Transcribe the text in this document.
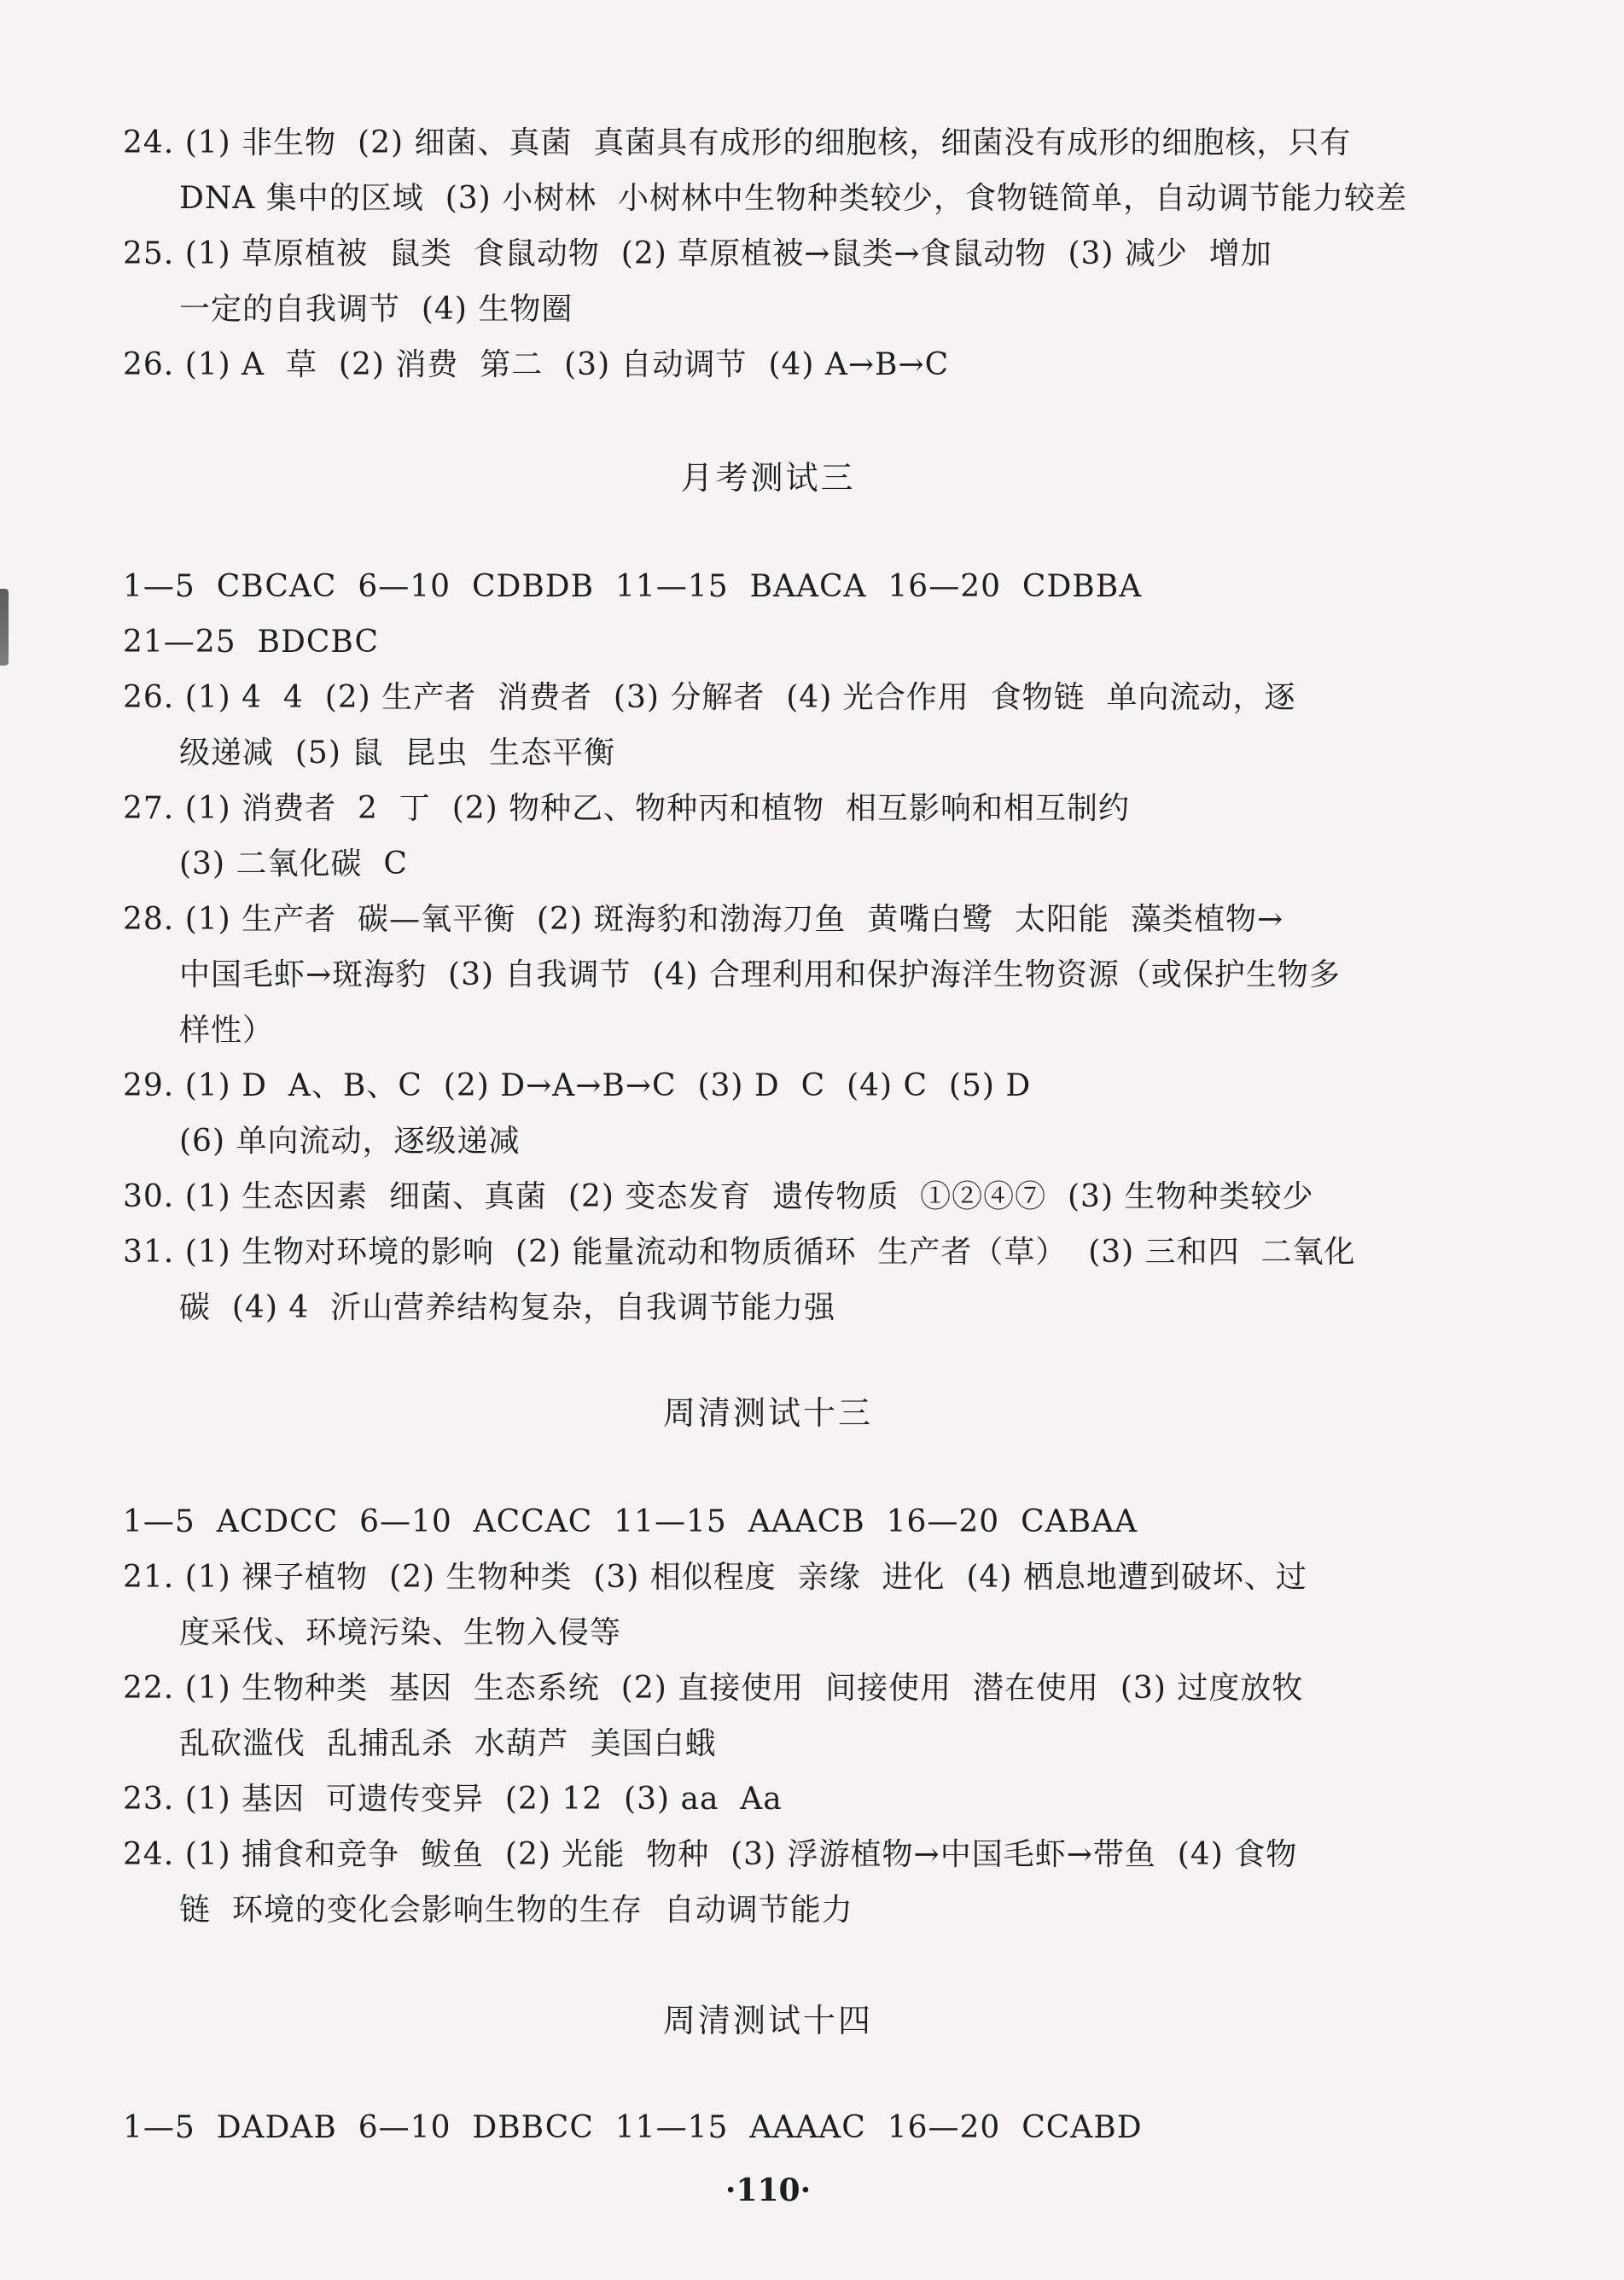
24. (1) 非生物  (2) 细菌、真菌  真菌具有成形的细胞核，细菌没有成形的细胞核，只有
DNA 集中的区域  (3) 小树林  小树林中生物种类较少，食物链简单，自动调节能力较差
25. (1) 草原植被  鼠类  食鼠动物  (2) 草原植被→鼠类→食鼠动物  (3) 减少  增加
一定的自我调节  (4) 生物圈
26. (1) A  草  (2) 消费  第二  (3) 自动调节  (4) A→B→C
月考测试三
1—5  CBCAC  6—10  CDBDB  11—15  BAACA  16—20  CDBBA
21—25  BDCBC
26. (1) 4  4  (2) 生产者  消费者  (3) 分解者  (4) 光合作用  食物链  单向流动，逐
级递减  (5) 鼠  昆虫  生态平衡
27. (1) 消费者  2  丁  (2) 物种乙、物种丙和植物  相互影响和相互制约
(3) 二氧化碳  C
28. (1) 生产者  碳—氧平衡  (2) 斑海豹和渤海刀鱼  黄嘴白鹭  太阳能  藻类植物→
中国毛虾→斑海豹  (3) 自我调节  (4) 合理利用和保护海洋生物资源（或保护生物多
样性）
29. (1) D  A、B、C  (2) D→A→B→C  (3) D  C  (4) C  (5) D
(6) 单向流动，逐级递减
30. (1) 生态因素  细菌、真菌  (2) 变态发育  遗传物质  ①②④⑦  (3) 生物种类较少
31. (1) 生物对环境的影响  (2) 能量流动和物质循环  生产者（草）  (3) 三和四  二氧化
碳  (4) 4  沂山营养结构复杂，自我调节能力强
周清测试十三
1—5  ACDCC  6—10  ACCAC  11—15  AAACB  16—20  CABAA
21. (1) 裸子植物  (2) 生物种类  (3) 相似程度  亲缘  进化  (4) 栖息地遭到破坏、过
度采伐、环境污染、生物入侵等
22. (1) 生物种类  基因  生态系统  (2) 直接使用  间接使用  潜在使用  (3) 过度放牧
乱砍滥伐  乱捕乱杀  水葫芦  美国白蛾
23. (1) 基因  可遗传变异  (2) 12  (3) aa  Aa
24. (1) 捕食和竞争  鲅鱼  (2) 光能  物种  (3) 浮游植物→中国毛虾→带鱼  (4) 食物
链  环境的变化会影响生物的生存  自动调节能力
周清测试十四
1—5  DADAB  6—10  DBBCC  11—15  AAAAC  16—20  CCABD
·110·
